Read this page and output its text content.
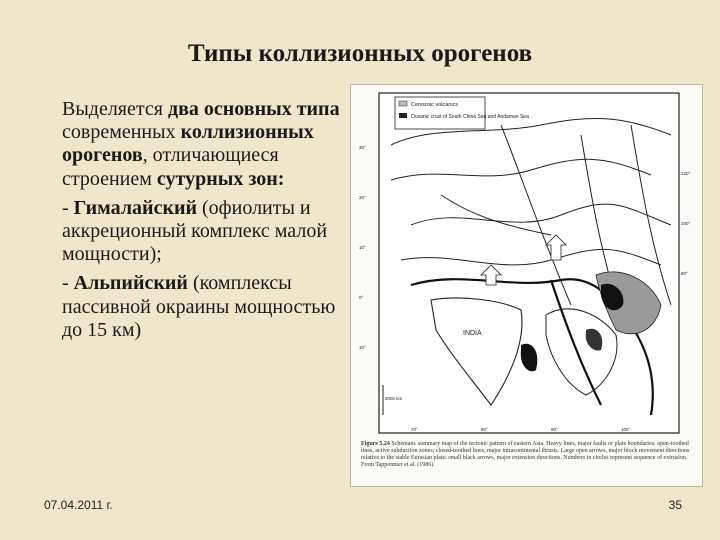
Типы коллизионных орогенов

Выделяется два основных типа современных коллизионных орогенов, отличающиеся строением сутурных зон:

- Гималайский (офиолиты и аккреционный комплекс малой мощности);

- Альпийский (комплексы пассивной окраины мощностью до 15 км)

Cenozoic volcanics
Oceanic crust of South China Sea and Andaman Sea
INDIA
30°
20°
10°
0°
10°
120°
100°
80°
70°	80°	90°	100°
2000 km
Figure 5.24 Schematic summary map of the tectonic pattern of eastern Asia. Heavy lines, major faults or plate boundaries; open-toothed lines, active subduction zones; closed-toothed lines, major intracontinental thrusts. Large open arrows, major block movement directions relative to the stable Eurasian plate; small black arrows, major extension directions. Numbers in circles represent sequence of extrusion. From Tapponnier et al. (1986).
07.04.2011 г.	35
